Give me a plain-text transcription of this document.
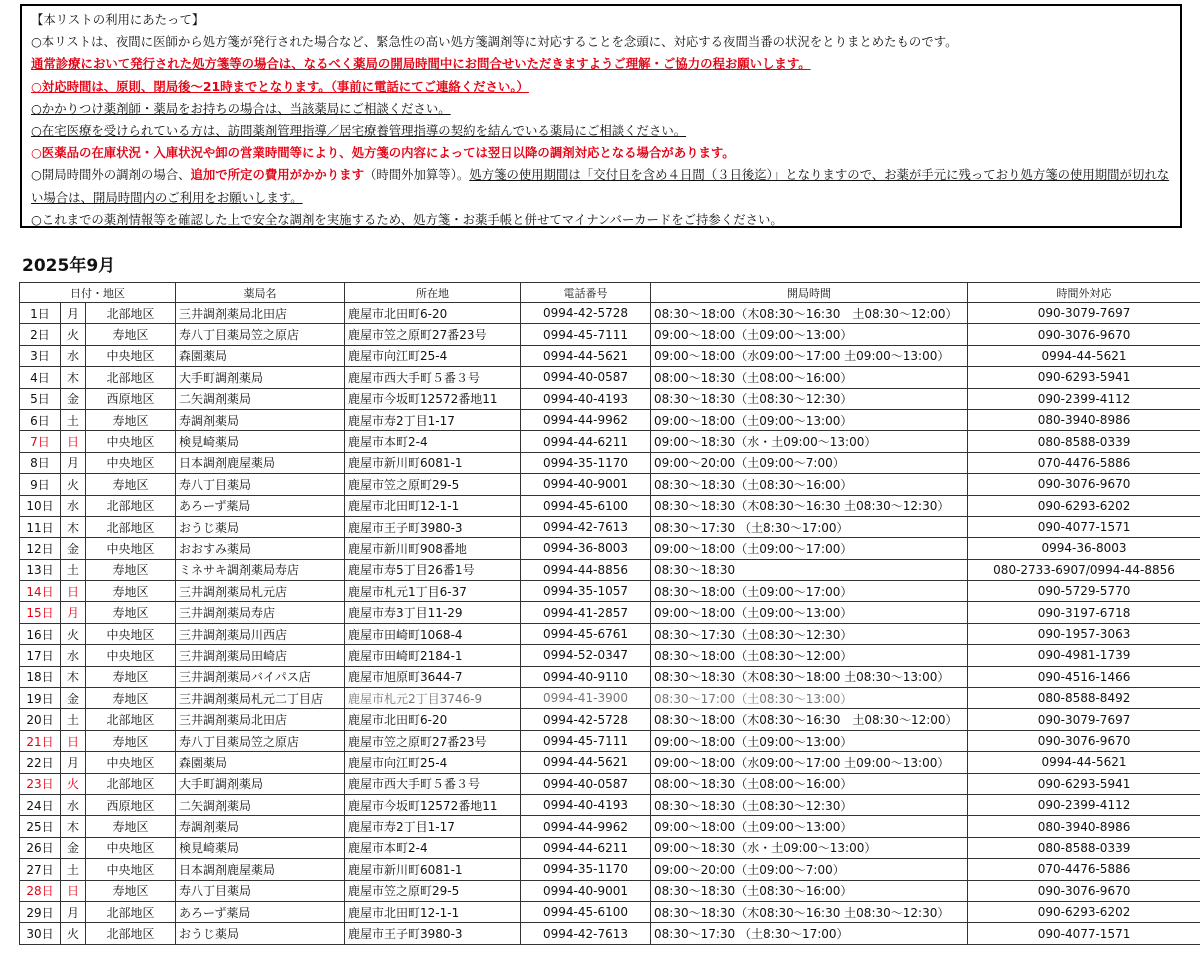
【本リストの利用にあたって】
○本リストは、夜間に医師から処方箋が発行された場合など、緊急性の高い処方箋調剤等に対応することを念頭に、対応する夜間当番の状況をとりまとめたものです。
通常診療において発行された処方箋等の場合は、なるべく薬局の開局時間中にお問合せいただきますようご理解・ご協力の程お願いします。
○対応時間は、原則、閉局後～21時までとなります。（事前に電話にてご連絡ください。）
○かかりつけ薬剤師・薬局をお持ちの場合は、当該薬局にご相談ください。
○在宅医療を受けられている方は、訪問薬剤管理指導／居宅療養管理指導の契約を結んでいる薬局にご相談ください。
○医薬品の在庫状況・入庫状況や卸の営業時間等により、処方箋の内容によっては翌日以降の調剤対応となる場合があります。
○開局時間外の調剤の場合、追加で所定の費用がかかります（時間外加算等）。処方箋の使用期間は「交付日を含め４日間（３日後迄）」となりますので、お薬が手元に残っており処方箋の使用期間が切れない場合は、開局時間内のご利用をお願いします。
○これまでの薬剤情報等を確認した上で安全な調剤を実施するため、処方箋・お薬手帳と併せてマイナンバーカードをご持参ください。
2025年9月
日付・地区			薬局名	所在地	電話番号	開局時間	時間外対応
1日	月	北部地区	三井調剤薬局北田店	鹿屋市北田町6-20	0994-42-5728	08:30～18:00（木08:30～16:30　土08:30～12:00）	090-3079-7697
2日	火	寿地区	寿八丁目薬局笠之原店	鹿屋市笠之原町27番23号	0994-45-7111	09:00～18:00（土09:00～13:00）	090-3076-9670
3日	水	中央地区	森園薬局	鹿屋市向江町25-4	0994-44-5621	09:00～18:00（水09:00～17:00 土09:00～13:00）	0994-44-5621
4日	木	北部地区	大手町調剤薬局	鹿屋市西大手町５番３号	0994-40-0587	08:00～18:30（土08:00～16:00）	090-6293-5941
5日	金	西原地区	二矢調剤薬局	鹿屋市今坂町12572番地11	0994-40-4193	08:30～18:30（土08:30～12:30）	090-2399-4112
6日	土	寿地区	寿調剤薬局	鹿屋市寿2丁目1-17	0994-44-9962	09:00～18:00（土09:00～13:00）	080-3940-8986
7日	日	中央地区	検見崎薬局	鹿屋市本町2-4	0994-44-6211	09:00～18:30（水・土09:00～13:00）	080-8588-0339
8日	月	中央地区	日本調剤鹿屋薬局	鹿屋市新川町6081-1	0994-35-1170	09:00～20:00（土09:00～7:00）	070-4476-5886
9日	火	寿地区	寿八丁目薬局	鹿屋市笠之原町29-5	0994-40-9001	08:30～18:30（土08:30～16:00）	090-3076-9670
10日	水	北部地区	あろーず薬局	鹿屋市北田町12-1-1	0994-45-6100	08:30～18:30（木08:30～16:30 土08:30～12:30）	090-6293-6202
11日	木	北部地区	おうじ薬局	鹿屋市王子町3980-3	0994-42-7613	08:30～17:30 （土8:30～17:00）	090-4077-1571
12日	金	中央地区	おおすみ薬局	鹿屋市新川町908番地	0994-36-8003	09:00～18:00（土09:00～17:00）	0994-36-8003
13日	土	寿地区	ミネサキ調剤薬局寿店	鹿屋市寿5丁目26番1号	0994-44-8856	08:30～18:30	080-2733-6907/0994-44-8856
14日	日	寿地区	三井調剤薬局札元店	鹿屋市札元1丁目6-37	0994-35-1057	08:30～18:00（土09:00～17:00）	090-5729-5770
15日	月	寿地区	三井調剤薬局寿店	鹿屋市寿3丁目11-29	0994-41-2857	09:00～18:00（土09:00～13:00）	090-3197-6718
16日	火	中央地区	三井調剤薬局川西店	鹿屋市田崎町1068-4	0994-45-6761	08:30～17:30（土08:30～12:30）	090-1957-3063
17日	水	中央地区	三井調剤薬局田崎店	鹿屋市田崎町2184-1	0994-52-0347	08:30～18:00（土08:30～12:00）	090-4981-1739
18日	木	寿地区	三井調剤薬局バイパス店	鹿屋市旭原町3644-7	0994-40-9110	08:30～18:30（木08:30～18:00 土08:30～13:00）	090-4516-1466
19日	金	寿地区	三井調剤薬局札元二丁目店	鹿屋市札元2丁目3746-9	0994-41-3900	08:30～17:00（土08:30～13:00）	080-8588-8492
20日	土	北部地区	三井調剤薬局北田店	鹿屋市北田町6-20	0994-42-5728	08:30～18:00（木08:30～16:30　土08:30～12:00）	090-3079-7697
21日	日	寿地区	寿八丁目薬局笠之原店	鹿屋市笠之原町27番23号	0994-45-7111	09:00～18:00（土09:00～13:00）	090-3076-9670
22日	月	中央地区	森園薬局	鹿屋市向江町25-4	0994-44-5621	09:00～18:00（水09:00～17:00 土09:00～13:00）	0994-44-5621
23日	火	北部地区	大手町調剤薬局	鹿屋市西大手町５番３号	0994-40-0587	08:00～18:30（土08:00～16:00）	090-6293-5941
24日	水	西原地区	二矢調剤薬局	鹿屋市今坂町12572番地11	0994-40-4193	08:30～18:30（土08:30～12:30）	090-2399-4112
25日	木	寿地区	寿調剤薬局	鹿屋市寿2丁目1-17	0994-44-9962	09:00～18:00（土09:00～13:00）	080-3940-8986
26日	金	中央地区	検見崎薬局	鹿屋市本町2-4	0994-44-6211	09:00～18:30（水・土09:00～13:00）	080-8588-0339
27日	土	中央地区	日本調剤鹿屋薬局	鹿屋市新川町6081-1	0994-35-1170	09:00～20:00（土09:00～7:00）	070-4476-5886
28日	日	寿地区	寿八丁目薬局	鹿屋市笠之原町29-5	0994-40-9001	08:30～18:30（土08:30～16:00）	090-3076-9670
29日	月	北部地区	あろーず薬局	鹿屋市北田町12-1-1	0994-45-6100	08:30～18:30（木08:30～16:30 土08:30～12:30）	090-6293-6202
30日	火	北部地区	おうじ薬局	鹿屋市王子町3980-3	0994-42-7613	08:30～17:30 （土8:30～17:00）	090-4077-1571
